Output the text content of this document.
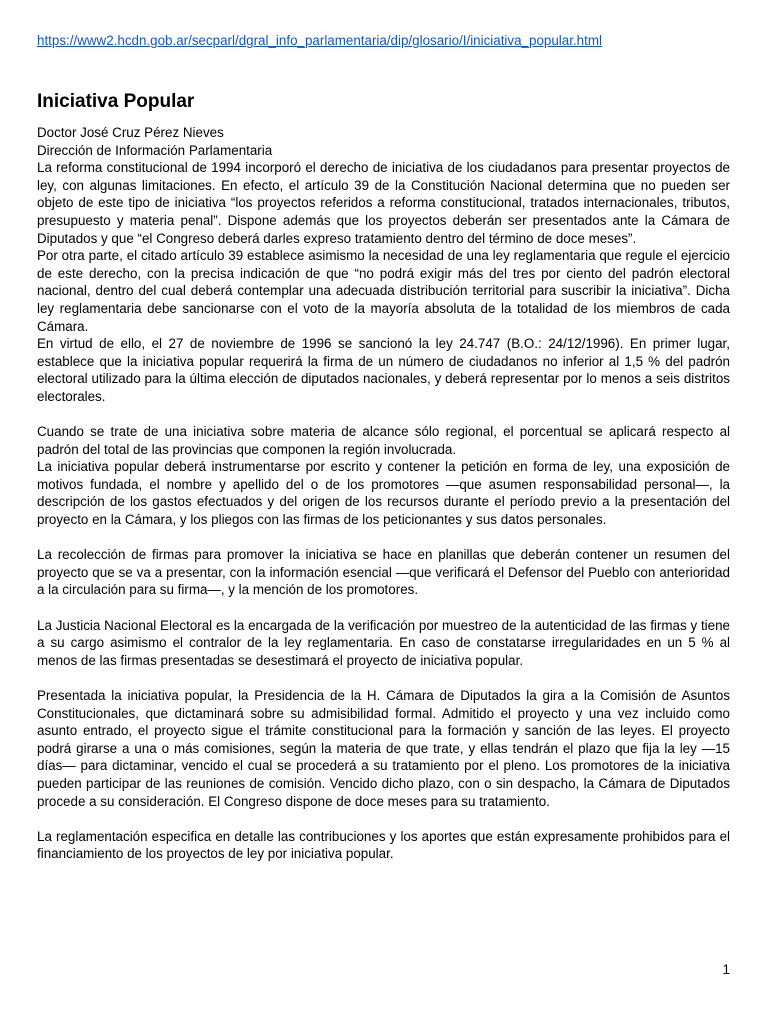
https://www2.hcdn.gob.ar/secparl/dgral_info_parlamentaria/dip/glosario/I/iniciativa_popular.html
Iniciativa Popular

Doctor José Cruz Pérez Nieves

Dirección de Información Parlamentaria

La reforma constitucional de 1994 incorporó el derecho de iniciativa de los ciudadanos para presentar proyectos de ley, con algunas limitaciones. En efecto, el artículo 39 de la Constitución Nacional determina que no pueden ser objeto de este tipo de iniciativa “los proyectos referidos a reforma constitucional, tratados internacionales, tributos, presupuesto y materia penal”. Dispone además que los proyectos deberán ser presentados ante la Cámara de Diputados y que “el Congreso deberá darles expreso tratamiento dentro del término de doce meses”.

Por otra parte, el citado artículo 39 establece asimismo la necesidad de una ley reglamentaria que regule el ejercicio de este derecho, con la precisa indicación de que “no podrá exigir más del tres por ciento del padrón electoral nacional, dentro del cual deberá contemplar una adecuada distribución territorial para suscribir la iniciativa”. Dicha ley reglamentaria debe sancionarse con el voto de la mayoría absoluta de la totalidad de los miembros de cada Cámara.

En virtud de ello, el 27 de noviembre de 1996 se sancionó la ley 24.747 (B.O.: 24/12/1996). En primer lugar, establece que la iniciativa popular requerirá la firma de un número de ciudadanos no inferior al 1,5 % del padrón electoral utilizado para la última elección de diputados nacionales, y deberá representar por lo menos a seis distritos electorales.

Cuando se trate de una iniciativa sobre materia de alcance sólo regional, el porcentual se aplicará respecto al padrón del total de las provincias que componen la región involucrada.

La iniciativa popular deberá instrumentarse por escrito y contener la petición en forma de ley, una exposición de motivos fundada, el nombre y apellido del o de los promotores —que asumen responsabilidad personal—, la descripción de los gastos efectuados y del origen de los recursos durante el período previo a la presentación del proyecto en la Cámara, y los pliegos con las firmas de los peticionantes y sus datos personales.

La recolección de firmas para promover la iniciativa se hace en planillas que deberán contener un resumen del proyecto que se va a presentar, con la información esencial —que verificará el Defensor del Pueblo con anterioridad a la circulación para su firma—, y la mención de los promotores.

La Justicia Nacional Electoral es la encargada de la verificación por muestreo de la autenticidad de las firmas y tiene a su cargo asimismo el contralor de la ley reglamentaria. En caso de constatarse irregularidades en un 5 % al menos de las firmas presentadas se desestimará el proyecto de iniciativa popular.

Presentada la iniciativa popular, la Presidencia de la H. Cámara de Diputados la gira a la Comisión de Asuntos Constitucionales, que dictaminará sobre su admisibilidad formal. Admitido el proyecto y una vez incluido como asunto entrado, el proyecto sigue el trámite constitucional para la formación y sanción de las leyes. El proyecto podrá girarse a una o más comisiones, según la materia de que trate, y ellas tendrán el plazo que fija la ley —15 días— para dictaminar, vencido el cual se procederá a su tratamiento por el pleno. Los promotores de la iniciativa pueden participar de las reuniones de comisión. Vencido dicho plazo, con o sin despacho, la Cámara de Diputados procede a su consideración. El Congreso dispone de doce meses para su tratamiento.

La reglamentación especifica en detalle las contribuciones y los aportes que están expresamente prohibidos para el financiamiento de los proyectos de ley por iniciativa popular.

1
